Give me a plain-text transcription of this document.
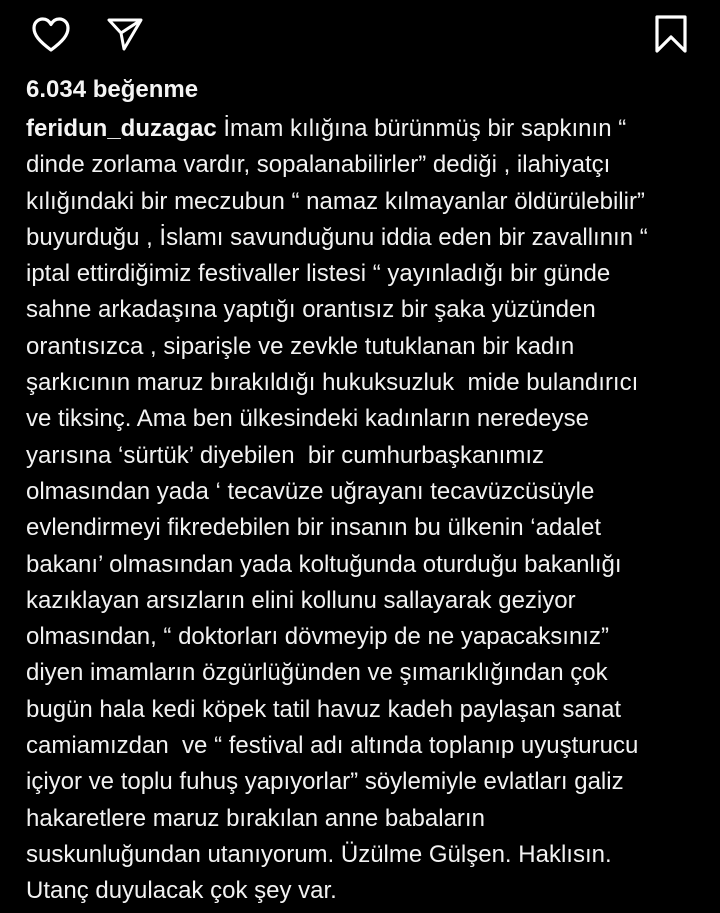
6.034 beğenme
feridun_duzagac İmam kılığına bürünmüş bir sapkının “
dinde zorlama vardır, sopalanabilirler” dediği , ilahiyatçı
kılığındaki bir meczubun “ namaz kılmayanlar öldürülebilir”
buyurduğu , İslamı savunduğunu iddia eden bir zavallının “
iptal ettirdiğimiz festivaller listesi “ yayınladığı bir günde
sahne arkadaşına yaptığı orantısız bir şaka yüzünden
orantısızca , siparişle ve zevkle tutuklanan bir kadın
şarkıcının maruz bırakıldığı hukuksuzluk  mide bulandırıcı
ve tiksinç. Ama ben ülkesindeki kadınların neredeyse
yarısına ‘sürtük’ diyebilen  bir cumhurbaşkanımız
olmasından yada ‘ tecavüze uğrayanı tecavüzcüsüyle
evlendirmeyi fikredebilen bir insanın bu ülkenin ‘adalet
bakanı’ olmasından yada koltuğunda oturduğu bakanlığı
kazıklayan arsızların elini kollunu sallayarak geziyor
olmasından, “ doktorları dövmeyip de ne yapacaksınız”
diyen imamların özgürlüğünden ve şımarıklığından çok
bugün hala kedi köpek tatil havuz kadeh paylaşan sanat
camiamızdan  ve “ festival adı altında toplanıp uyuşturucu
içiyor ve toplu fuhuş yapıyorlar” söylemiyle evlatları galiz
hakaretlere maruz bırakılan anne babaların
suskunluğundan utanıyorum. Üzülme Gülşen. Haklısın.
Utanç duyulacak çok şey var.
